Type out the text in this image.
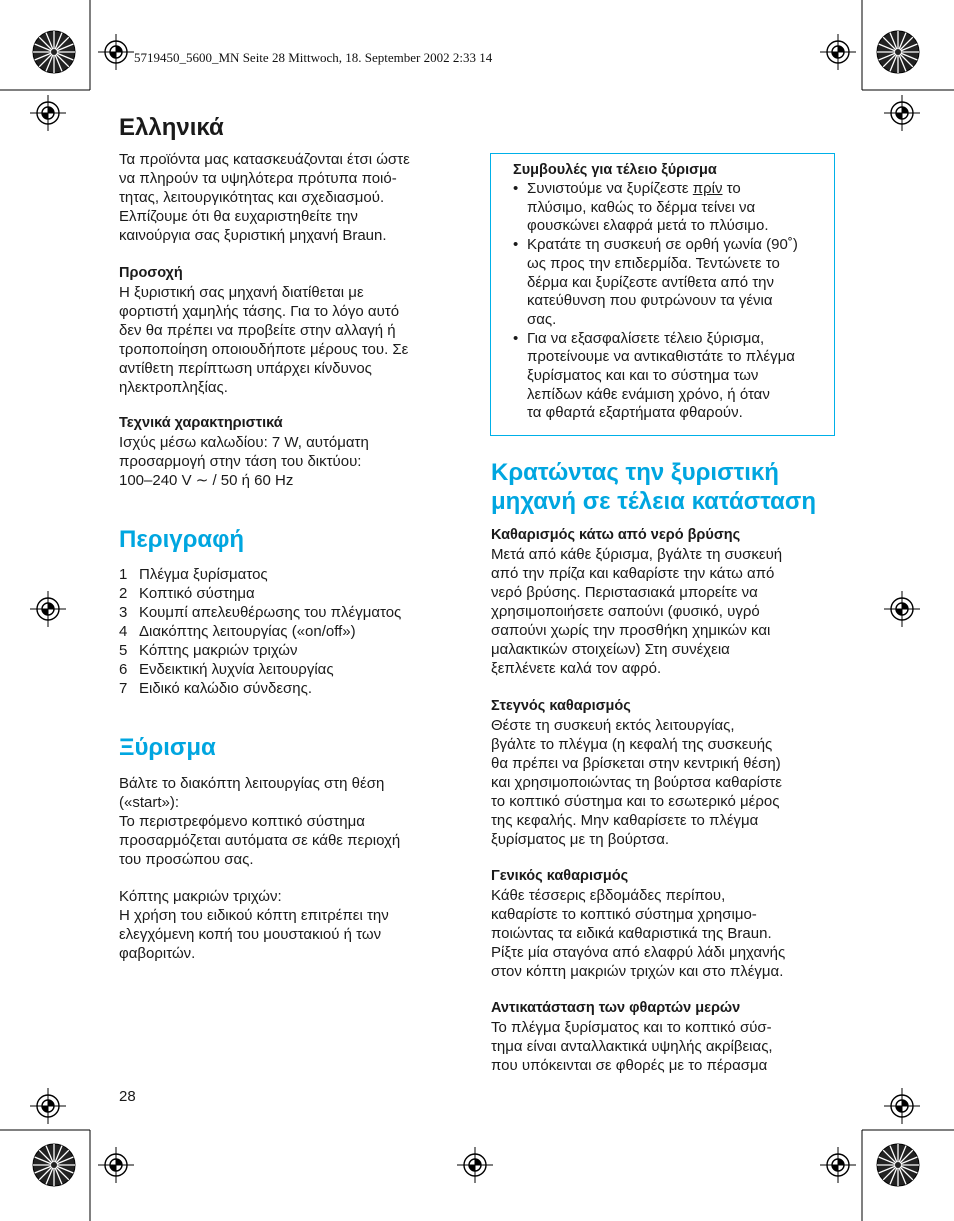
5719450_5600_MN Seite 28 Mittwoch, 18. September 2002 2:33 14
Ελληνικά

Τα προϊόντα μας κατασκευάζονται έτσι ώστε
να πληρούν τα υψηλότερα πρότυπα ποιό-
τητας, λειτουργικότητας και σχεδιασμού.
Ελπίζουμε ότι θα ευχαριστηθείτε την
καινούργια σας ξυριστική μηχανή Braun.

Προσοχή

Η ξυριστική σας μηχανή διατίθεται με
φορτιστή χαμηλής τάσης. Για το λόγο αυτό
δεν θα πρέπει να προβείτε στην αλλαγή ή
τροποποίηση οποιουδήποτε μέρους του. Σε
αντίθετη περίπτωση υπάρχει κίνδυνος
ηλεκτροπληξίας.

Τεχνικά χαρακτηριστικά

Ισχύς μέσω καλωδίου: 7 W, αυτόματη
προσαρμογή στην τάση του δικτύου:
100–240 V ∼ / 50 ή 60 Hz

Περιγραφή
1 Πλέγμα ξυρίσματος
2 Κοπτικό σύστημα
3 Κουμπί απελευθέρωσης του πλέγματος
4 Διακόπτης λειτουργίας («on/off»)
5 Κόπτης μακριών τριχών
6 Ενδεικτική λυχνία λειτουργίας
7 Ειδικό καλώδιο σύνδεσης.
Ξύρισμα

Βάλτε το διακόπτη λειτουργίας στη θέση
(«start»):
Το περιστρεφόμενο κοπτικό σύστημα
προσαρμόζεται αυτόματα σε κάθε περιοχή
του προσώπου σας.

Κόπτης μακριών τριχών:
Η χρήση του ειδικού κόπτη επιτρέπει την
ελεγχόμενη κοπή του μουστακιού ή των
φαβοριτών.

28
Συμβουλές για τέλειο ξύρισμα
• Συνιστούμε να ξυρίζεστε πρίν το
πλύσιμο, καθώς το δέρμα τείνει να
φουσκώνει ελαφρά μετά το πλύσιμο.
• Κρατάτε τη συσκευή σε ορθή γωνία (90˚)
ως προς την επιδερμίδα. Τεντώνετε το
δέρμα και ξυρίζεστε αντίθετα από την
κατεύθυνση που φυτρώνουν τα γένια
σας.
• Για να εξασφαλίσετε τέλειο ξύρισμα,
προτείνουμε να αντικαθιστάτε το πλέγμα
ξυρίσματος και και το σύστημα των
λεπίδων κάθε ενάμιση χρόνο, ή όταν
τα φθαρτά εξαρτήματα φθαρούν.
Κρατώντας την ξυριστική
μηχανή σε τέλεια κατάσταση
Καθαρισμός κάτω από νερό βρύσης

Μετά από κάθε ξύρισμα, βγάλτε τη συσκευή
από την πρίζα και καθαρίστε την κάτω από
νερό βρύσης. Περιστασιακά μπορείτε να
χρησιμοποιήσετε σαπούνι (φυσικό, υγρό
σαπούνι χωρίς την προσθήκη χημικών και
μαλακτικών στοιχείων) Στη συνέχεια
ξεπλένετε καλά τον αφρό.

Στεγνός καθαρισμός

Θέστε τη συσκευή εκτός λειτουργίας,
βγάλτε το πλέγμα (η κεφαλή της συσκευής
θα πρέπει να βρίσκεται στην κεντρική θέση)
και χρησιμοποιώντας τη βούρτσα καθαρίστε
το κοπτικό σύστημα και το εσωτερικό μέρος
της κεφαλής. Μην καθαρίσετε το πλέγμα
ξυρίσματος με τη βούρτσα.

Γενικός καθαρισμός

Κάθε τέσσερις εβδομάδες περίπου,
καθαρίστε το κοπτικό σύστημα χρησιμο-
ποιώντας τα ειδικά καθαριστικά της Braun.
Ρίξτε μία σταγόνα από ελαφρύ λάδι μηχανής
στον κόπτη μακριών τριχών και στο πλέγμα.

Αντικατάσταση των φθαρτών μερών

Το πλέγμα ξυρίσματος και το κοπτικό σύσ-
τημα είναι ανταλλακτικά υψηλής ακρίβειας,
που υπόκεινται σε φθορές με το πέρασμα
